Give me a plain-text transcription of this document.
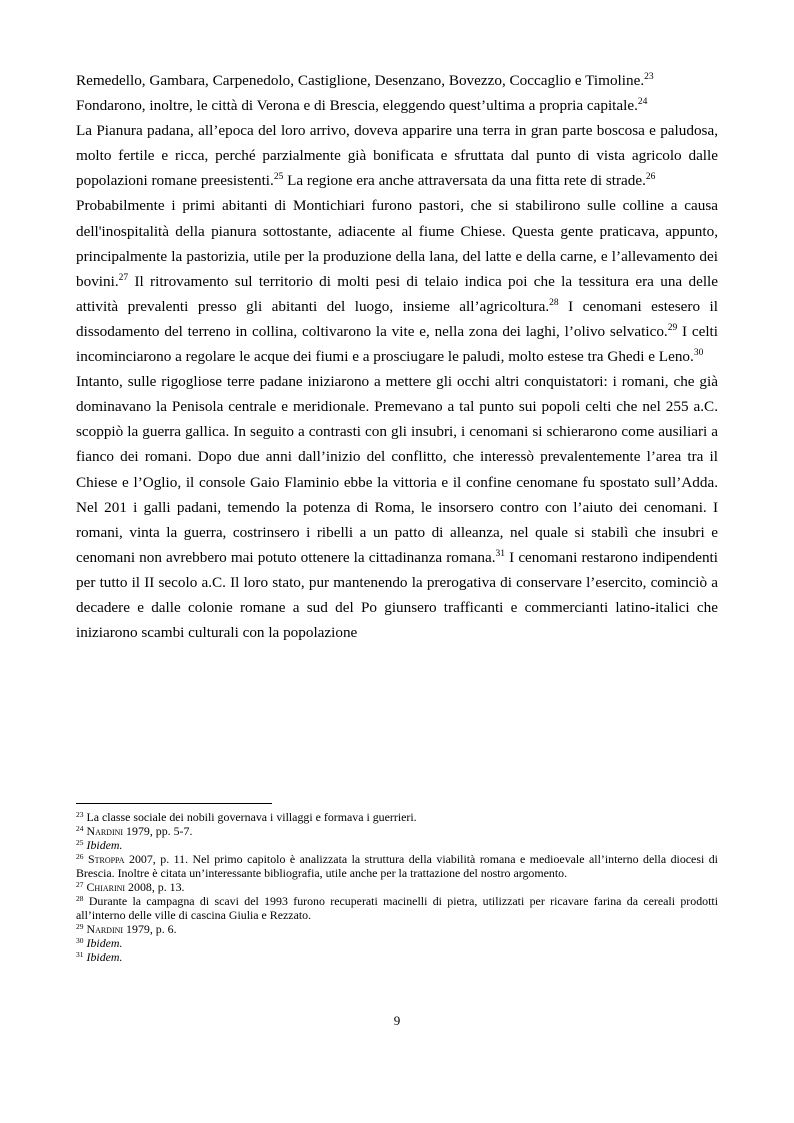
Remedello, Gambara, Carpenedolo, Castiglione, Desenzano, Bovezzo, Coccaglio e Timoline.$^{23}$
Fondarono, inoltre, le città di Verona e di Brescia, eleggendo quest’ultima a propria capitale.$^{24}$

La Pianura padana, all’epoca del loro arrivo, doveva apparire una terra in gran parte boscosa e paludosa, molto fertile e ricca, perché parzialmente già bonificata e sfruttata dal punto di vista agricolo dalle popolazioni romane preesistenti.$^{25}$ La regione era anche attraversata da una fitta rete di strade.$^{26}$

Probabilmente i primi abitanti di Montichiari furono pastori, che si stabilirono sulle colline a causa dell'inospitalità della pianura sottostante, adiacente al fiume Chiese. Questa gente praticava, appunto, principalmente la pastorizia, utile per la produzione della lana, del latte e della carne, e l’allevamento dei bovini.$^{27}$ Il ritrovamento sul territorio di molti pesi di telaio indica poi che la tessitura era una delle attività prevalenti presso gli abitanti del luogo, insieme all’agricoltura.$^{28}$ I cenomani estesero il dissodamento del terreno in collina, coltivarono la vite e, nella zona dei laghi, l’olivo selvatico.$^{29}$ I celti incominciarono a regolare le acque dei fiumi e a prosciugare le paludi, molto estese tra Ghedi e Leno.$^{30}$

Intanto, sulle rigogliose terre padane iniziarono a mettere gli occhi altri conquistatori: i romani, che già dominavano la Penisola centrale e meridionale. Premevano a tal punto sui popoli celti che nel 255 a.C. scoppiò la guerra gallica. In seguito a contrasti con gli insubri, i cenomani si schierarono come ausiliari a fianco dei romani. Dopo due anni dall’inizio del conflitto, che interessò prevalentemente l’area tra il Chiese e l’Oglio, il console Gaio Flaminio ebbe la vittoria e il confine cenomane fu spostato sull’Adda. Nel 201 i galli padani, temendo la potenza di Roma, le insorsero contro con l’aiuto dei cenomani. I romani, vinta la guerra, costrinsero i ribelli a un patto di alleanza, nel quale si stabilì che insubri e cenomani non avrebbero mai potuto ottenere la cittadinanza romana.$^{31}$ I cenomani restarono indipendenti per tutto il II secolo a.C. Il loro stato, pur mantenendo la prerogativa di conservare l’esercito, cominciò a decadere e dalle colonie romane a sud del Po giunsero trafficanti e commercianti latino-italici che iniziarono scambi culturali con la popolazione

$^{23}$ La classe sociale dei nobili governava i villaggi e formava i guerrieri.

$^{24}$ Nardini 1979, pp. 5-7.

$^{25}$ Ibidem.

$^{26}$ Stroppa 2007, p. 11. Nel primo capitolo è analizzata la struttura della viabilità romana e medioevale all’interno della diocesi di Brescia. Inoltre è citata un’interessante bibliografia, utile anche per la trattazione del nostro argomento.

$^{27}$ Chiarini 2008, p. 13.

$^{28}$ Durante la campagna di scavi del 1993 furono recuperati macinelli di pietra, utilizzati per ricavare farina da cereali prodotti all’interno delle ville di cascina Giulia e Rezzato.

$^{29}$ Nardini 1979, p. 6.

$^{30}$ Ibidem.

$^{31}$ Ibidem.

9
